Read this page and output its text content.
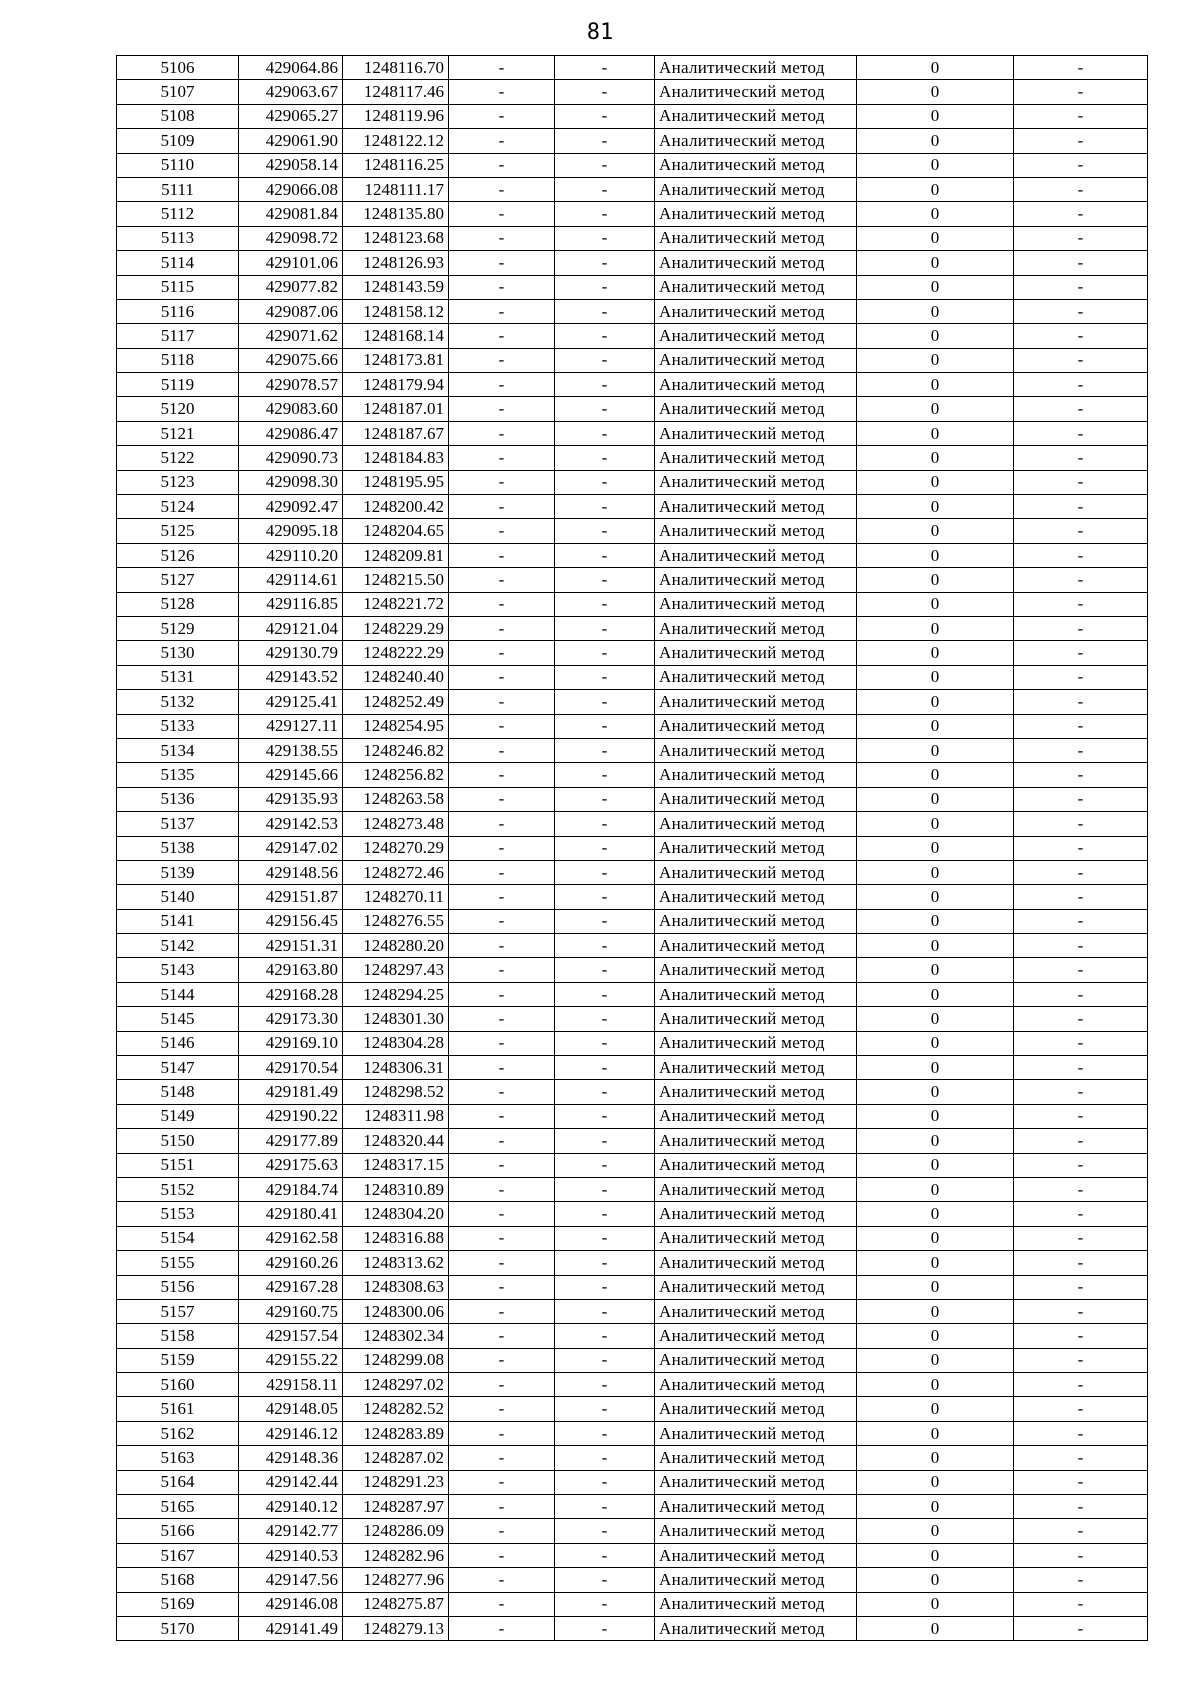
81
5106	429064.86	1248116.70	-	-	Аналитический метод	0	-
5107	429063.67	1248117.46	-	-	Аналитический метод	0	-
5108	429065.27	1248119.96	-	-	Аналитический метод	0	-
5109	429061.90	1248122.12	-	-	Аналитический метод	0	-
5110	429058.14	1248116.25	-	-	Аналитический метод	0	-
5111	429066.08	1248111.17	-	-	Аналитический метод	0	-
5112	429081.84	1248135.80	-	-	Аналитический метод	0	-
5113	429098.72	1248123.68	-	-	Аналитический метод	0	-
5114	429101.06	1248126.93	-	-	Аналитический метод	0	-
5115	429077.82	1248143.59	-	-	Аналитический метод	0	-
5116	429087.06	1248158.12	-	-	Аналитический метод	0	-
5117	429071.62	1248168.14	-	-	Аналитический метод	0	-
5118	429075.66	1248173.81	-	-	Аналитический метод	0	-
5119	429078.57	1248179.94	-	-	Аналитический метод	0	-
5120	429083.60	1248187.01	-	-	Аналитический метод	0	-
5121	429086.47	1248187.67	-	-	Аналитический метод	0	-
5122	429090.73	1248184.83	-	-	Аналитический метод	0	-
5123	429098.30	1248195.95	-	-	Аналитический метод	0	-
5124	429092.47	1248200.42	-	-	Аналитический метод	0	-
5125	429095.18	1248204.65	-	-	Аналитический метод	0	-
5126	429110.20	1248209.81	-	-	Аналитический метод	0	-
5127	429114.61	1248215.50	-	-	Аналитический метод	0	-
5128	429116.85	1248221.72	-	-	Аналитический метод	0	-
5129	429121.04	1248229.29	-	-	Аналитический метод	0	-
5130	429130.79	1248222.29	-	-	Аналитический метод	0	-
5131	429143.52	1248240.40	-	-	Аналитический метод	0	-
5132	429125.41	1248252.49	-	-	Аналитический метод	0	-
5133	429127.11	1248254.95	-	-	Аналитический метод	0	-
5134	429138.55	1248246.82	-	-	Аналитический метод	0	-
5135	429145.66	1248256.82	-	-	Аналитический метод	0	-
5136	429135.93	1248263.58	-	-	Аналитический метод	0	-
5137	429142.53	1248273.48	-	-	Аналитический метод	0	-
5138	429147.02	1248270.29	-	-	Аналитический метод	0	-
5139	429148.56	1248272.46	-	-	Аналитический метод	0	-
5140	429151.87	1248270.11	-	-	Аналитический метод	0	-
5141	429156.45	1248276.55	-	-	Аналитический метод	0	-
5142	429151.31	1248280.20	-	-	Аналитический метод	0	-
5143	429163.80	1248297.43	-	-	Аналитический метод	0	-
5144	429168.28	1248294.25	-	-	Аналитический метод	0	-
5145	429173.30	1248301.30	-	-	Аналитический метод	0	-
5146	429169.10	1248304.28	-	-	Аналитический метод	0	-
5147	429170.54	1248306.31	-	-	Аналитический метод	0	-
5148	429181.49	1248298.52	-	-	Аналитический метод	0	-
5149	429190.22	1248311.98	-	-	Аналитический метод	0	-
5150	429177.89	1248320.44	-	-	Аналитический метод	0	-
5151	429175.63	1248317.15	-	-	Аналитический метод	0	-
5152	429184.74	1248310.89	-	-	Аналитический метод	0	-
5153	429180.41	1248304.20	-	-	Аналитический метод	0	-
5154	429162.58	1248316.88	-	-	Аналитический метод	0	-
5155	429160.26	1248313.62	-	-	Аналитический метод	0	-
5156	429167.28	1248308.63	-	-	Аналитический метод	0	-
5157	429160.75	1248300.06	-	-	Аналитический метод	0	-
5158	429157.54	1248302.34	-	-	Аналитический метод	0	-
5159	429155.22	1248299.08	-	-	Аналитический метод	0	-
5160	429158.11	1248297.02	-	-	Аналитический метод	0	-
5161	429148.05	1248282.52	-	-	Аналитический метод	0	-
5162	429146.12	1248283.89	-	-	Аналитический метод	0	-
5163	429148.36	1248287.02	-	-	Аналитический метод	0	-
5164	429142.44	1248291.23	-	-	Аналитический метод	0	-
5165	429140.12	1248287.97	-	-	Аналитический метод	0	-
5166	429142.77	1248286.09	-	-	Аналитический метод	0	-
5167	429140.53	1248282.96	-	-	Аналитический метод	0	-
5168	429147.56	1248277.96	-	-	Аналитический метод	0	-
5169	429146.08	1248275.87	-	-	Аналитический метод	0	-
5170	429141.49	1248279.13	-	-	Аналитический метод	0	-
